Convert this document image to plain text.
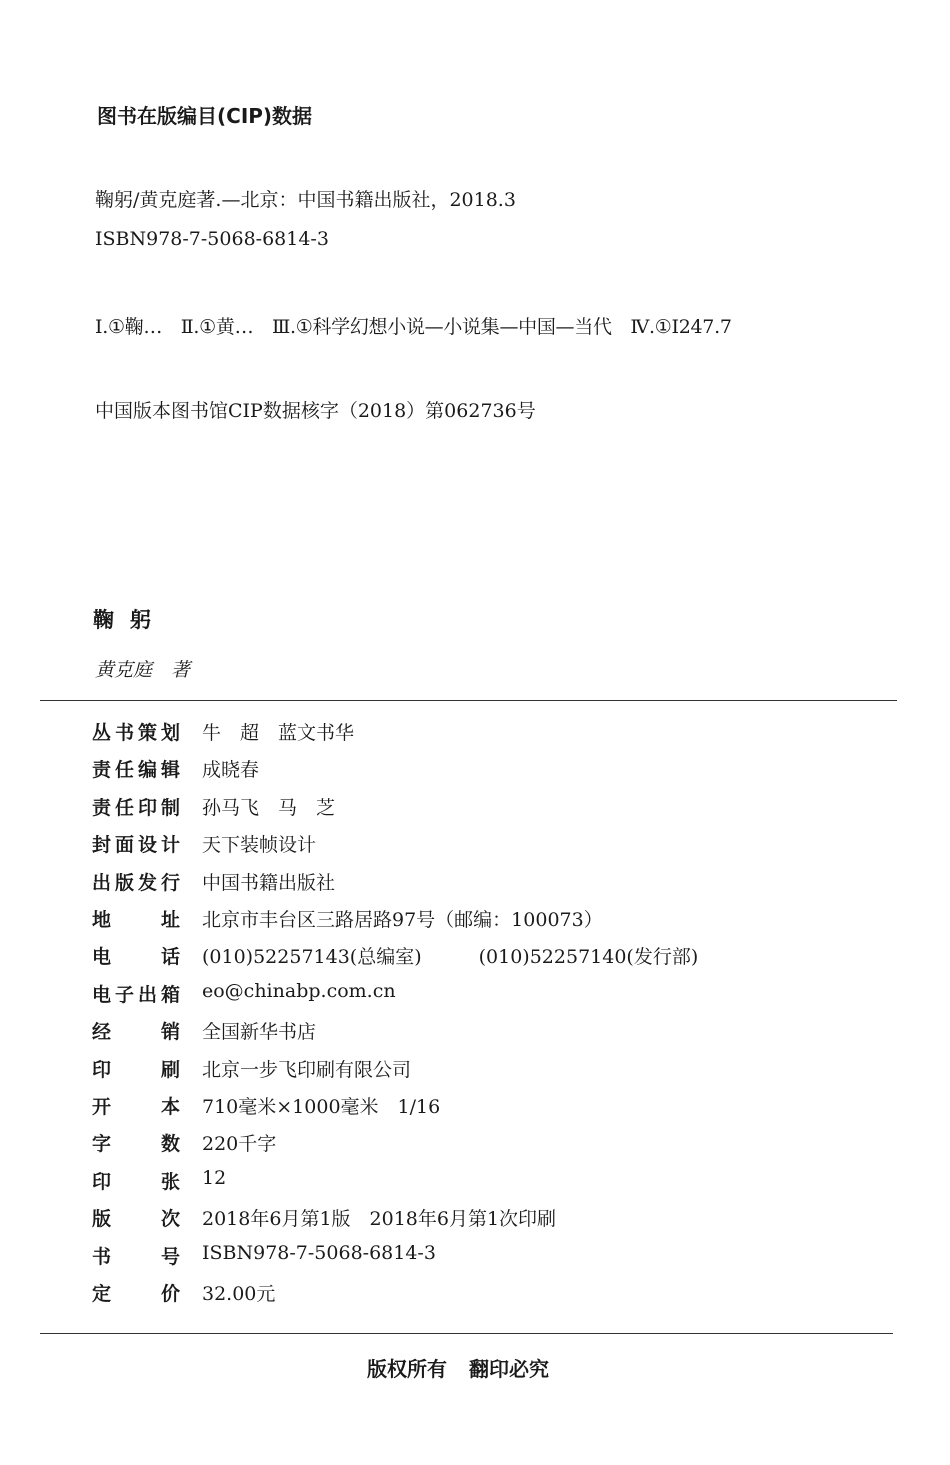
图书在版编目(CIP)数据
鞠躬/黄克庭著.—北京：中国书籍出版社，2018.3
ISBN978-7-5068-6814-3
Ⅰ.①鞠…　Ⅱ.①黄…　Ⅲ.①科学幻想小说—小说集—中国—当代　Ⅳ.①I247.7
中国版本图书馆CIP数据核字（2018）第062736号
鞠躬
黄克庭　著
丛 书 策 划 牛　超　蓝文书华
责 任 编 辑 成晓春
责 任 印 制 孙马飞　马　芝
封 面 设 计 天下装帧设计
出 版 发 行 中国书籍出版社
地	址 北京市丰台区三路居路97号（邮编：100073）
电	话 (010)52257143(总编室)　　　(010)52257140(发行部)
电 子 出 箱 eo@chinabp.com.cn
经	销 全国新华书店
印	刷 北京一步飞印刷有限公司
开	本 710毫米×1000毫米　1/16
字	数 220千字
印	张 12
版	次 2018年6月第1版　2018年6月第1次印刷
书	号 ISBN978-7-5068-6814-3
定	价 32.00元
版权所有 翻印必究
